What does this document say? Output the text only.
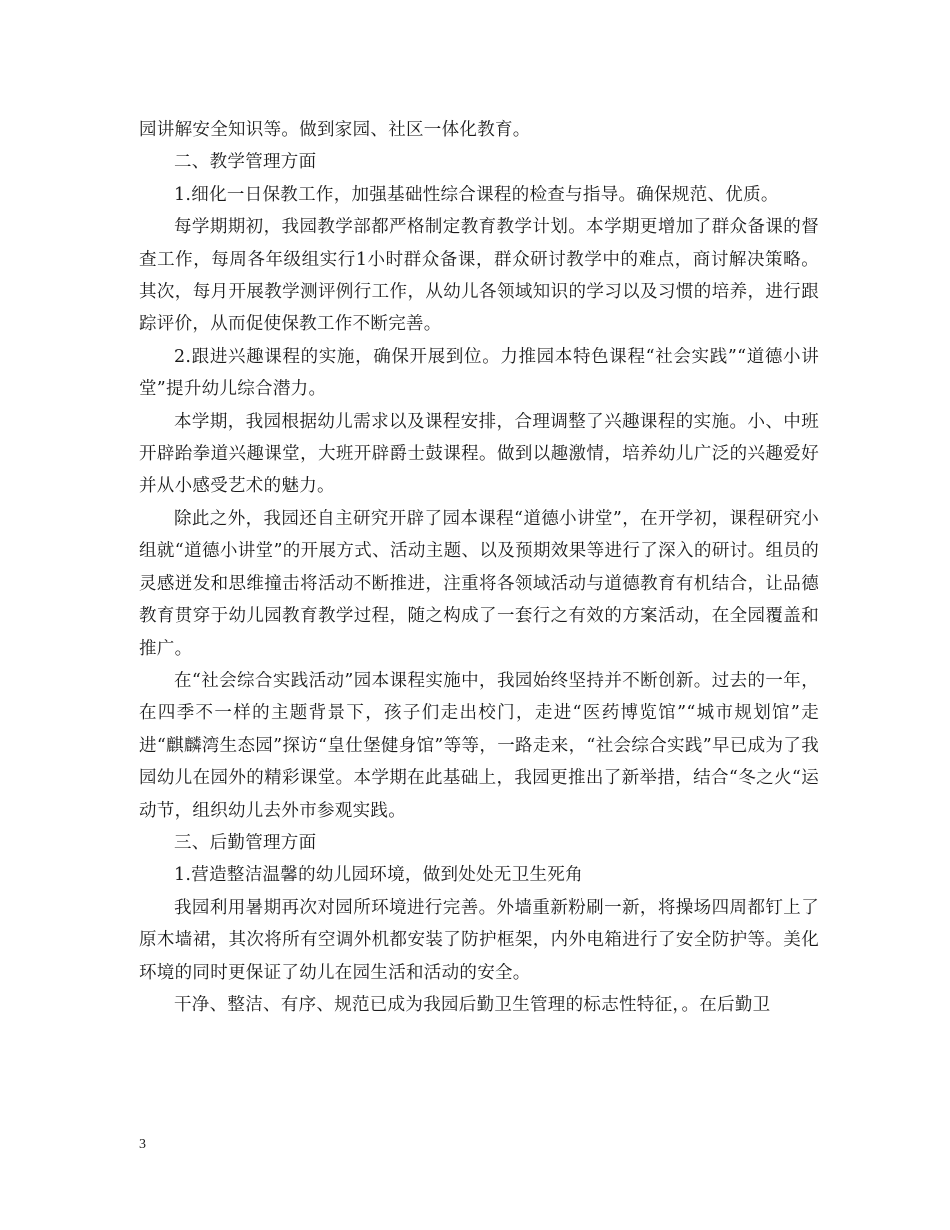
园讲解安全知识等。做到家园、社区一体化教育。

二、教学管理方面

1.细化一日保教工作，加强基础性综合课程的检查与指导。确保规范、优质。

每学期期初，我园教学部都严格制定教育教学计划。本学期更增加了群众备课的督查工作，每周各年级组实行1小时群众备课，群众研讨教学中的难点，商讨解决策略。其次，每月开展教学测评例行工作，从幼儿各领域知识的学习以及习惯的培养，进行跟踪评价，从而促使保教工作不断完善。

2.跟进兴趣课程的实施，确保开展到位。力推园本特色课程“社会实践”“道德小讲堂”提升幼儿综合潜力。

本学期，我园根据幼儿需求以及课程安排，合理调整了兴趣课程的实施。小、中班开辟跆拳道兴趣课堂，大班开辟爵士鼓课程。做到以趣激情，培养幼儿广泛的兴趣爱好并从小感受艺术的魅力。

除此之外，我园还自主研究开辟了园本课程“道德小讲堂”，在开学初，课程研究小组就“道德小讲堂”的开展方式、活动主题、以及预期效果等进行了深入的研讨。组员的灵感迸发和思维撞击将活动不断推进，注重将各领域活动与道德教育有机结合，让品德教育贯穿于幼儿园教育教学过程，随之构成了一套行之有效的方案活动，在全园覆盖和推广。

在“社会综合实践活动”园本课程实施中，我园始终坚持并不断创新。过去的一年，在四季不一样的主题背景下，孩子们走出校门，走进“医药博览馆”“城市规划馆”走进“麒麟湾生态园”探访“皇仕堡健身馆”等等，一路走来，“社会综合实践”早已成为了我园幼儿在园外的精彩课堂。本学期在此基础上，我园更推出了新举措，结合“冬之火“运动节，组织幼儿去外市参观实践。

三、后勤管理方面

1.营造整洁温馨的幼儿园环境，做到处处无卫生死角

我园利用暑期再次对园所环境进行完善。外墙重新粉刷一新，将操场四周都钉上了原木墙裙，其次将所有空调外机都安装了防护框架，内外电箱进行了安全防护等。美化环境的同时更保证了幼儿在园生活和活动的安全。

干净、整洁、有序、规范已成为我园后勤卫生管理的标志性特征，。在后勤卫

3
